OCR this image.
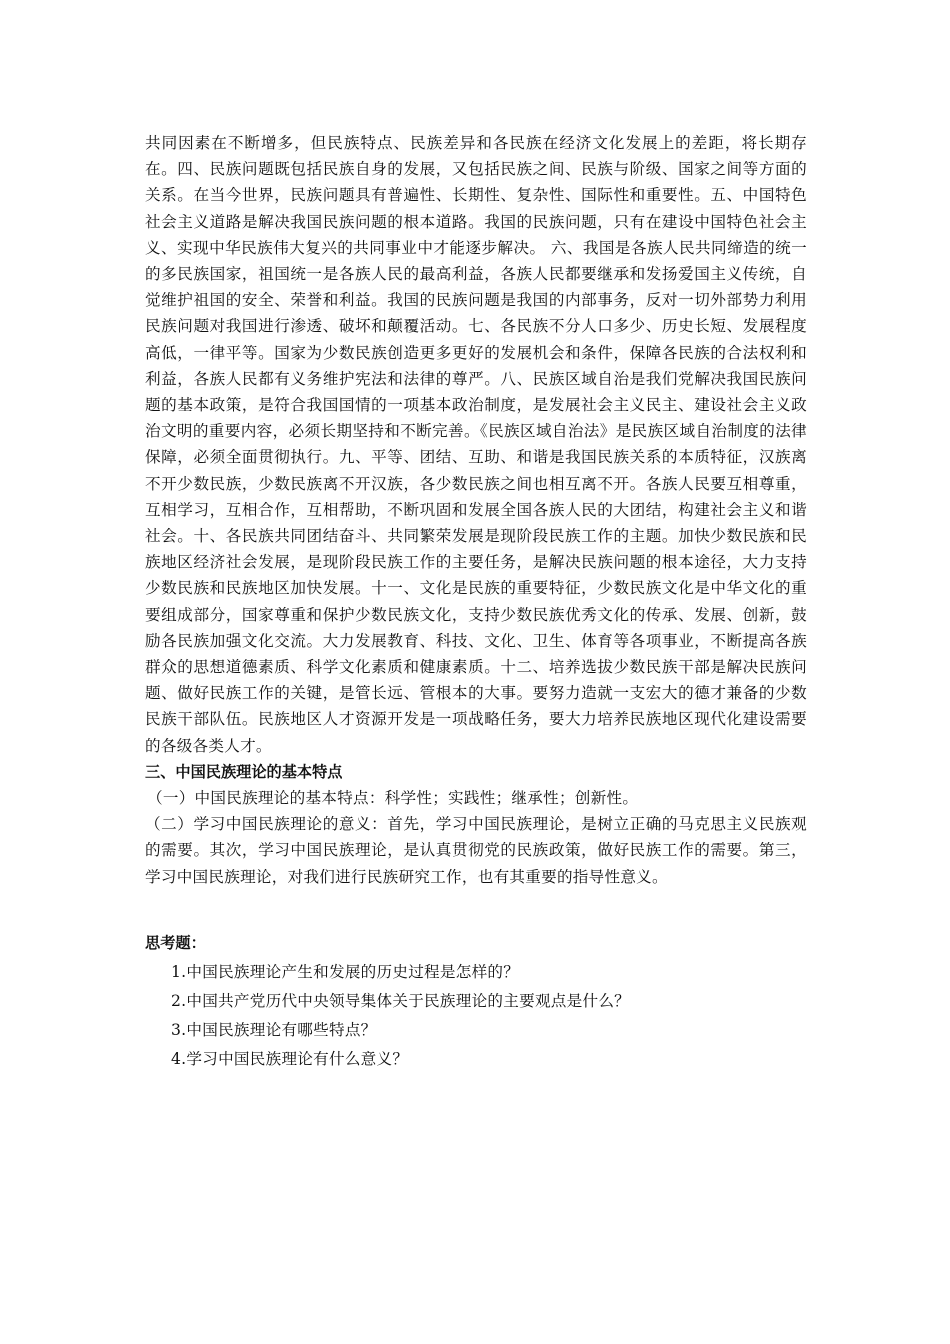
共同因素在不断增多，但民族特点、民族差异和各民族在经济文化发展上的差距，将长期存在。四、民族问题既包括民族自身的发展，又包括民族之间、民族与阶级、国家之间等方面的关系。在当今世界，民族问题具有普遍性、长期性、复杂性、国际性和重要性。五、中国特色社会主义道路是解决我国民族问题的根本道路。我国的民族问题，只有在建设中国特色社会主义、实现中华民族伟大复兴的共同事业中才能逐步解决。 六、我国是各族人民共同缔造的统一的多民族国家，祖国统一是各族人民的最高利益，各族人民都要继承和发扬爱国主义传统，自觉维护祖国的安全、荣誉和利益。我国的民族问题是我国的内部事务，反对一切外部势力利用民族问题对我国进行渗透、破坏和颠覆活动。七、各民族不分人口多少、历史长短、发展程度高低，一律平等。国家为少数民族创造更多更好的发展机会和条件，保障各民族的合法权利和利益，各族人民都有义务维护宪法和法律的尊严。八、民族区域自治是我们党解决我国民族问题的基本政策，是符合我国国情的一项基本政治制度，是发展社会主义民主、建设社会主义政治文明的重要内容，必须长期坚持和不断完善。《民族区域自治法》是民族区域自治制度的法律保障，必须全面贯彻执行。九、平等、团结、互助、和谐是我国民族关系的本质特征，汉族离不开少数民族，少数民族离不开汉族，各少数民族之间也相互离不开。各族人民要互相尊重，互相学习，互相合作，互相帮助，不断巩固和发展全国各族人民的大团结，构建社会主义和谐社会。十、各民族共同团结奋斗、共同繁荣发展是现阶段民族工作的主题。加快少数民族和民族地区经济社会发展，是现阶段民族工作的主要任务，是解决民族问题的根本途径，大力支持少数民族和民族地区加快发展。十一、文化是民族的重要特征，少数民族文化是中华文化的重要组成部分，国家尊重和保护少数民族文化，支持少数民族优秀文化的传承、发展、创新，鼓励各民族加强文化交流。大力发展教育、科技、文化、卫生、体育等各项事业，不断提高各族群众的思想道德素质、科学文化素质和健康素质。十二、培养选拔少数民族干部是解决民族问题、做好民族工作的关键，是管长远、管根本的大事。要努力造就一支宏大的德才兼备的少数民族干部队伍。民族地区人才资源开发是一项战略任务，要大力培养民族地区现代化建设需要的各级各类人才。

三、中国民族理论的基本特点

（一）中国民族理论的基本特点：科学性；实践性；继承性；创新性。

（二）学习中国民族理论的意义：首先，学习中国民族理论，是树立正确的马克思主义民族观的需要。其次，学习中国民族理论，是认真贯彻党的民族政策，做好民族工作的需要。第三，学习中国民族理论，对我们进行民族研究工作，也有其重要的指导性意义。

思考题：
1.中国民族理论产生和发展的历史过程是怎样的？
2.中国共产党历代中央领导集体关于民族理论的主要观点是什么？
3.中国民族理论有哪些特点？
4.学习中国民族理论有什么意义？
